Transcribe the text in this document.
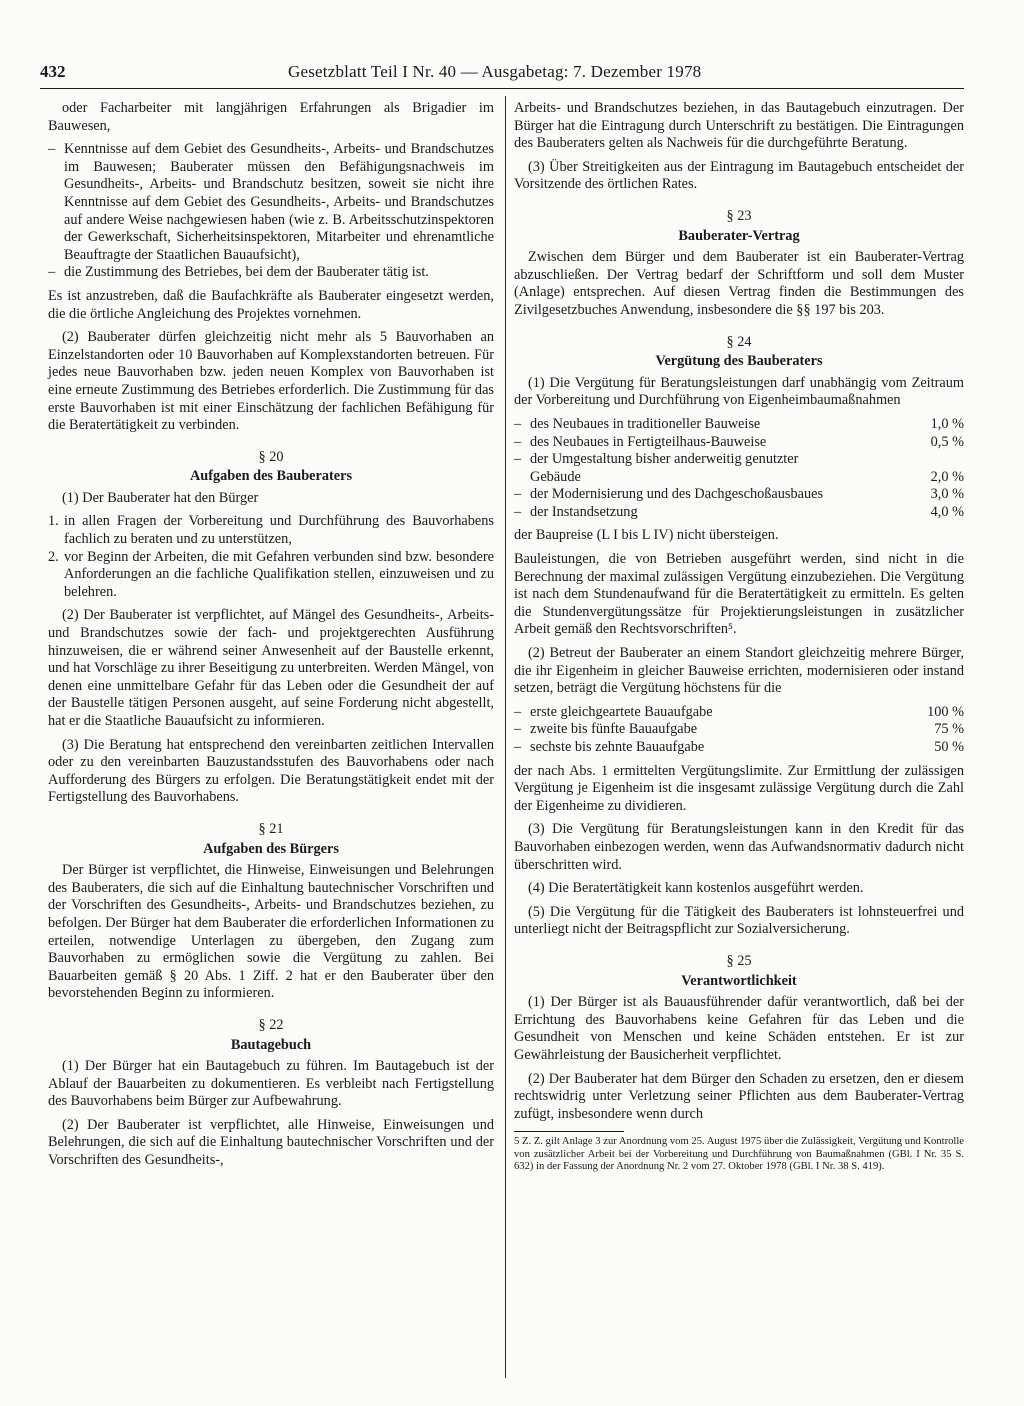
432	Gesetzblatt Teil I Nr. 40 — Ausgabetag: 7. Dezember 1978

oder Facharbeiter mit langjährigen Erfahrungen als Brigadier im Bauwesen,

– Kenntnisse auf dem Gebiet des Gesundheits-, Arbeits- und Brandschutzes im Bauwesen; Bauberater müssen den Befähigungsnachweis im Gesundheits-, Arbeits- und Brandschutz besitzen, soweit sie nicht ihre Kenntnisse auf dem Gebiet des Gesundheits-, Arbeits- und Brandschutzes auf andere Weise nachgewiesen haben (wie z. B. Arbeitsschutzinspektoren der Gewerkschaft, Sicherheitsinspektoren, Mitarbeiter und ehrenamtliche Beauftragte der Staatlichen Bauaufsicht),
– die Zustimmung des Betriebes, bei dem der Bauberater tätig ist.

Es ist anzustreben, daß die Baufachkräfte als Bauberater eingesetzt werden, die die örtliche Angleichung des Projektes vornehmen.

(2) Bauberater dürfen gleichzeitig nicht mehr als 5 Bauvorhaben an Einzelstandorten oder 10 Bauvorhaben auf Komplexstandorten betreuen. Für jedes neue Bauvorhaben bzw. jeden neuen Komplex von Bauvorhaben ist eine erneute Zustimmung des Betriebes erforderlich. Die Zustimmung für das erste Bauvorhaben ist mit einer Einschätzung der fachlichen Befähigung für die Beratertätigkeit zu verbinden.

§ 20
Aufgaben des Bauberaters

(1) Der Bauberater hat den Bürger

1. in allen Fragen der Vorbereitung und Durchführung des Bauvorhabens fachlich zu beraten und zu unterstützen,
2. vor Beginn der Arbeiten, die mit Gefahren verbunden sind bzw. besondere Anforderungen an die fachliche Qualifikation stellen, einzuweisen und zu belehren.

(2) Der Bauberater ist verpflichtet, auf Mängel des Gesundheits-, Arbeits- und Brandschutzes sowie der fach- und projektgerechten Ausführung hinzuweisen, die er während seiner Anwesenheit auf der Baustelle erkennt, und hat Vorschläge zu ihrer Beseitigung zu unterbreiten. Werden Mängel, von denen eine unmittelbare Gefahr für das Leben oder die Gesundheit der auf der Baustelle tätigen Personen ausgeht, auf seine Forderung nicht abgestellt, hat er die Staatliche Bauaufsicht zu informieren.

(3) Die Beratung hat entsprechend den vereinbarten zeitlichen Intervallen oder zu den vereinbarten Bauzustandsstufen des Bauvorhabens oder nach Aufforderung des Bürgers zu erfolgen. Die Beratungstätigkeit endet mit der Fertigstellung des Bauvorhabens.

§ 21
Aufgaben des Bürgers

Der Bürger ist verpflichtet, die Hinweise, Einweisungen und Belehrungen des Bauberaters, die sich auf die Einhaltung bautechnischer Vorschriften und der Vorschriften des Gesundheits-, Arbeits- und Brandschutzes beziehen, zu befolgen. Der Bürger hat dem Bauberater die erforderlichen Informationen zu erteilen, notwendige Unterlagen zu übergeben, den Zugang zum Bauvorhaben zu ermöglichen sowie die Vergütung zu zahlen. Bei Bauarbeiten gemäß § 20 Abs. 1 Ziff. 2 hat er den Bauberater über den bevorstehenden Beginn zu informieren.

§ 22
Bautagebuch

(1) Der Bürger hat ein Bautagebuch zu führen. Im Bautagebuch ist der Ablauf der Bauarbeiten zu dokumentieren. Es verbleibt nach Fertigstellung des Bauvorhabens beim Bürger zur Aufbewahrung.

(2) Der Bauberater ist verpflichtet, alle Hinweise, Einweisungen und Belehrungen, die sich auf die Einhaltung bautechnischer Vorschriften und der Vorschriften des Gesundheits-,

Arbeits- und Brandschutzes beziehen, in das Bautagebuch einzutragen. Der Bürger hat die Eintragung durch Unterschrift zu bestätigen. Die Eintragungen des Bauberaters gelten als Nachweis für die durchgeführte Beratung.

(3) Über Streitigkeiten aus der Eintragung im Bautagebuch entscheidet der Vorsitzende des örtlichen Rates.

§ 23
Bauberater-Vertrag

Zwischen dem Bürger und dem Bauberater ist ein Bauberater-Vertrag abzuschließen. Der Vertrag bedarf der Schriftform und soll dem Muster (Anlage) entsprechen. Auf diesen Vertrag finden die Bestimmungen des Zivilgesetzbuches Anwendung, insbesondere die §§ 197 bis 203.

§ 24
Vergütung des Bauberaters

(1) Die Vergütung für Beratungsleistungen darf unabhängig vom Zeitraum der Vorbereitung und Durchführung von Eigenheimbaumaßnahmen

– des Neubaues in traditioneller Bauweise	1,0 %
– des Neubaues in Fertigteilhaus-Bauweise	0,5 %
– der Umgestaltung bisher anderweitig genutzter
Gebäude	2,0 %
– der Modernisierung und des Dachgeschoßausbaues	3,0 %
– der Instandsetzung	4,0 %

der Baupreise (L I bis L IV) nicht übersteigen.

Bauleistungen, die von Betrieben ausgeführt werden, sind nicht in die Berechnung der maximal zulässigen Vergütung einzubeziehen. Die Vergütung ist nach dem Stundenaufwand für die Beratertätigkeit zu ermitteln. Es gelten die Stundenvergütungssätze für Projektierungsleistungen in zusätzlicher Arbeit gemäß den Rechtsvorschriften⁵.

(2) Betreut der Bauberater an einem Standort gleichzeitig mehrere Bürger, die ihr Eigenheim in gleicher Bauweise errichten, modernisieren oder instand setzen, beträgt die Vergütung höchstens für die

– erste gleichgeartete Bauaufgabe	100 %
– zweite bis fünfte Bauaufgabe	75 %
– sechste bis zehnte Bauaufgabe	50 %

der nach Abs. 1 ermittelten Vergütungslimite. Zur Ermittlung der zulässigen Vergütung je Eigenheim ist die insgesamt zulässige Vergütung durch die Zahl der Eigenheime zu dividieren.

(3) Die Vergütung für Beratungsleistungen kann in den Kredit für das Bauvorhaben einbezogen werden, wenn das Aufwandsnormativ dadurch nicht überschritten wird.

(4) Die Beratertätigkeit kann kostenlos ausgeführt werden.

(5) Die Vergütung für die Tätigkeit des Bauberaters ist lohnsteuerfrei und unterliegt nicht der Beitragspflicht zur Sozialversicherung.

§ 25
Verantwortlichkeit

(1) Der Bürger ist als Bauausführender dafür verantwortlich, daß bei der Errichtung des Bauvorhabens keine Gefahren für das Leben und die Gesundheit von Menschen und keine Schäden entstehen. Er ist zur Gewährleistung der Bausicherheit verpflichtet.

(2) Der Bauberater hat dem Bürger den Schaden zu ersetzen, den er diesem rechtswidrig unter Verletzung seiner Pflichten aus dem Bauberater-Vertrag zufügt, insbesondere wenn durch

5 Z. Z. gilt Anlage 3 zur Anordnung vom 25. August 1975 über die Zulässigkeit, Vergütung und Kontrolle von zusätzlicher Arbeit bei der Vorbereitung und Durchführung von Baumaßnahmen (GBl. I Nr. 35 S. 632) in der Fassung der Anordnung Nr. 2 vom 27. Oktober 1978 (GBl. I Nr. 38 S. 419).
